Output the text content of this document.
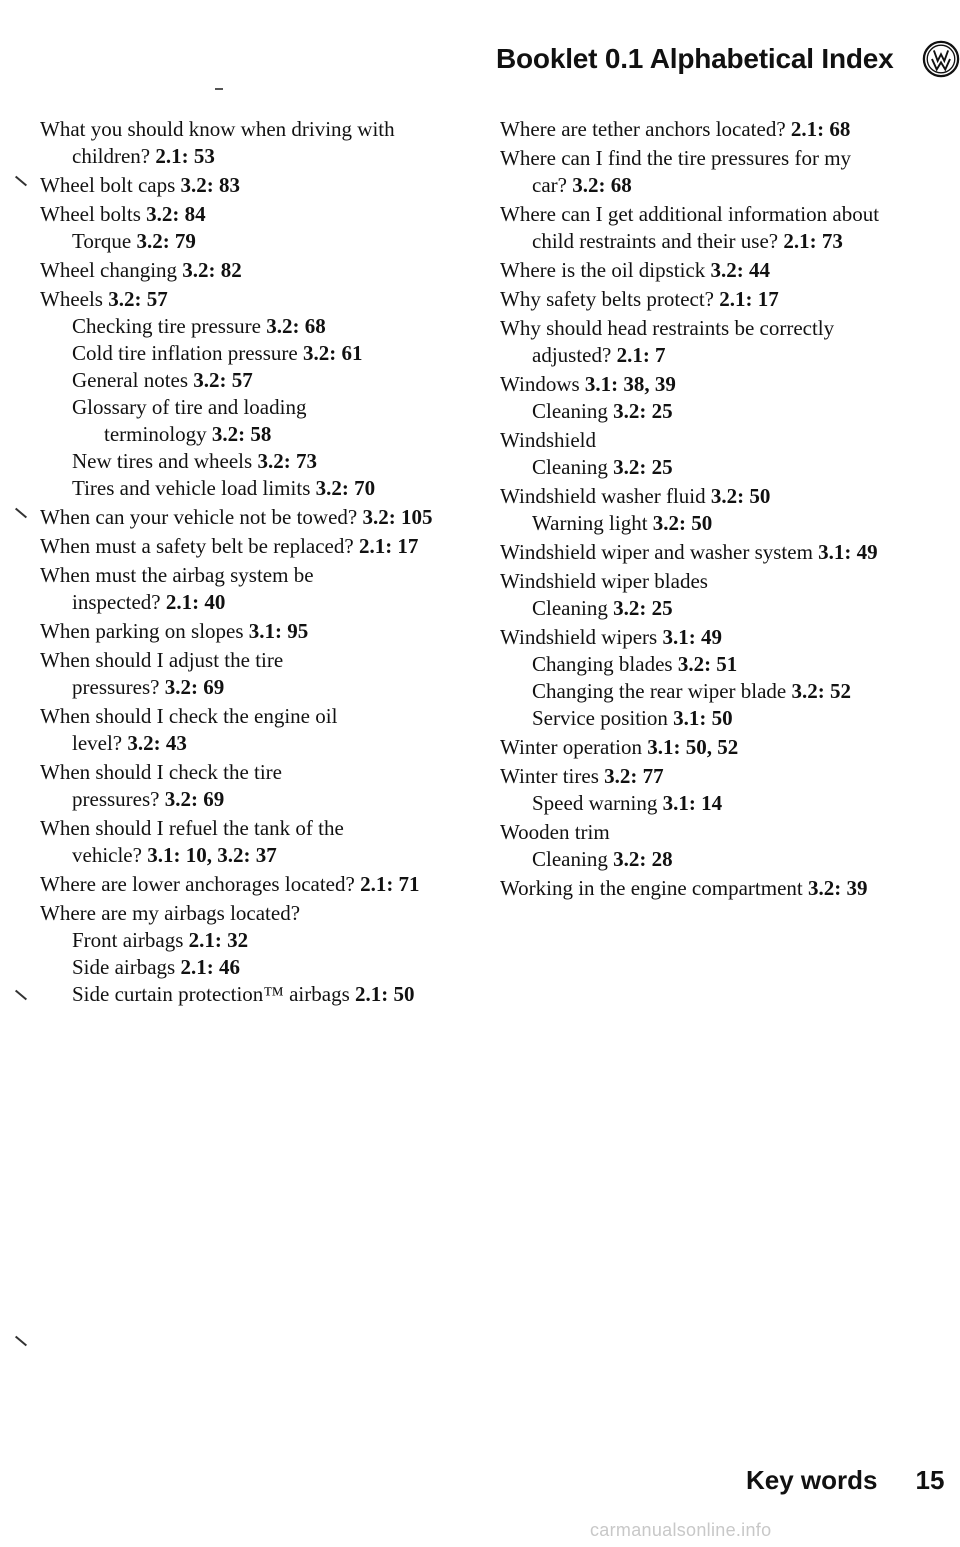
Booklet 0.1 Alphabetical Index
What you should know when driving with
children? 2.1: 53
Wheel bolt caps 3.2: 83
Wheel bolts 3.2: 84
Torque 3.2: 79
Wheel changing 3.2: 82
Wheels 3.2: 57
Checking tire pressure 3.2: 68
Cold tire inflation pressure 3.2: 61
General notes 3.2: 57
Glossary of tire and loading
terminology 3.2: 58
New tires and wheels 3.2: 73
Tires and vehicle load limits 3.2: 70
When can your vehicle not be towed? 3.2: 105
When must a safety belt be replaced? 2.1: 17
When must the airbag system be
inspected? 2.1: 40
When parking on slopes 3.1: 95
When should I adjust the tire
pressures? 3.2: 69
When should I check the engine oil
level? 3.2: 43
When should I check the tire
pressures? 3.2: 69
When should I refuel the tank of the
vehicle? 3.1: 10, 3.2: 37
Where are lower anchorages located? 2.1: 71
Where are my airbags located?
Front airbags 2.1: 32
Side airbags 2.1: 46
Side curtain protection™ airbags 2.1: 50
Where are tether anchors located? 2.1: 68
Where can I find the tire pressures for my
car? 3.2: 68
Where can I get additional information about
child restraints and their use? 2.1: 73
Where is the oil dipstick 3.2: 44
Why safety belts protect? 2.1: 17
Why should head restraints be correctly
adjusted? 2.1: 7
Windows 3.1: 38, 39
Cleaning 3.2: 25
Windshield
Cleaning 3.2: 25
Windshield washer fluid 3.2: 50
Warning light 3.2: 50
Windshield wiper and washer system 3.1: 49
Windshield wiper blades
Cleaning 3.2: 25
Windshield wipers 3.1: 49
Changing blades 3.2: 51
Changing the rear wiper blade 3.2: 52
Service position 3.1: 50
Winter operation 3.1: 50, 52
Winter tires 3.2: 77
Speed warning 3.1: 14
Wooden trim
Cleaning 3.2: 28
Working in the engine compartment 3.2: 39
Key words 15
carmanualsonline.info
